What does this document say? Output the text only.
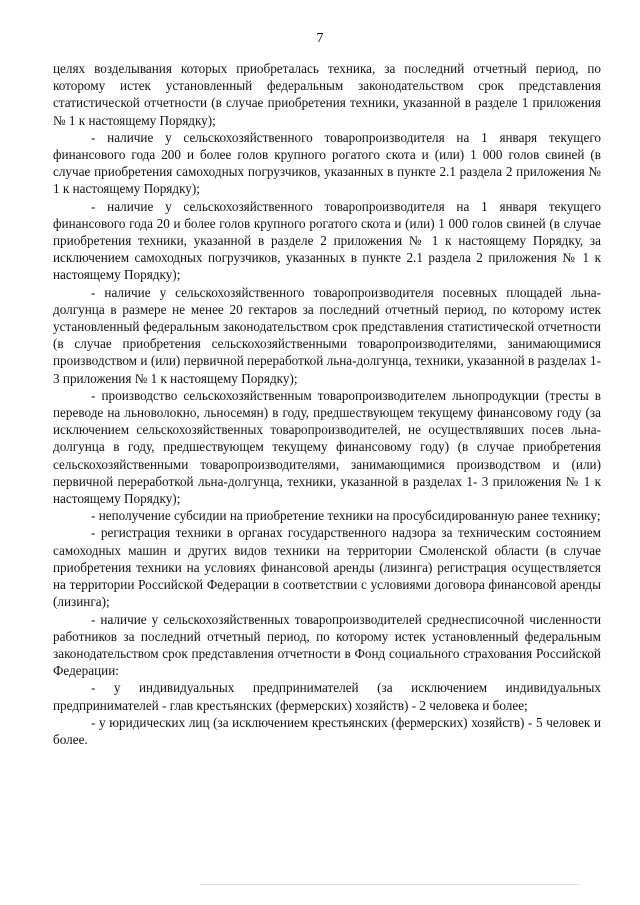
7

целях возделывания которых приобреталась техника, за последний отчетный период, по которому истек установленный федеральным законодательством срок представления статистической отчетности (в случае приобретения техники, указанной в разделе 1 приложения № 1 к настоящему Порядку);

- наличие у сельскохозяйственного товаропроизводителя на 1 января текущего финансового года 200 и более голов крупного рогатого скота и (или) 1 000 голов свиней (в случае приобретения самоходных погрузчиков, указанных в пункте 2.1 раздела 2 приложения № 1 к настоящему Порядку);

- наличие у сельскохозяйственного товаропроизводителя на 1 января текущего финансового года 20 и более голов крупного рогатого скота и (или) 1 000 голов свиней (в случае приобретения техники, указанной в разделе 2 приложения № 1 к настоящему Порядку, за исключением самоходных погрузчиков, указанных в пункте 2.1 раздела 2 приложения № 1 к настоящему Порядку);

- наличие у сельскохозяйственного товаропроизводителя посевных площадей льна-долгунца в размере не менее 20 гектаров за последний отчетный период, по которому истек установленный федеральным законодательством срок представления статистической отчетности (в случае приобретения сельскохозяйственными товаропроизводителями, занимающимися производством и (или) первичной переработкой льна-долгунца, техники, указанной в разделах 1- 3 приложения № 1 к настоящему Порядку);

- производство сельскохозяйственным товаропроизводителем льнопродукции (тресты в переводе на льноволокно, льносемян) в году, предшествующем текущему финансовому году (за исключением сельскохозяйственных товаропроизводителей, не осуществлявших посев льна-долгунца в году, предшествующем текущему финансовому году) (в случае приобретения сельскохозяйственными товаропроизводителями, занимающимися производством и (или) первичной переработкой льна-долгунца, техники, указанной в разделах 1- 3 приложения № 1 к настоящему Порядку);

- неполучение субсидии на приобретение техники на просубсидированную ранее технику;

- регистрация техники в органах государственного надзора за техническим состоянием самоходных машин и других видов техники на территории Смоленской области (в случае приобретения техники на условиях финансовой аренды (лизинга) регистрация осуществляется на территории Российской Федерации в соответствии с условиями договора финансовой аренды (лизинга);

- наличие у сельскохозяйственных товаропроизводителей среднесписочной численности работников за последний отчетный период, по которому истек установленный федеральным законодательством срок представления отчетности в Фонд социального страхования Российской Федерации:

- у индивидуальных предпринимателей (за исключением индивидуальных предпринимателей - глав крестьянских (фермерских) хозяйств) - 2 человека и более;

- у юридических лиц (за исключением крестьянских (фермерских) хозяйств) - 5 человек и более.
